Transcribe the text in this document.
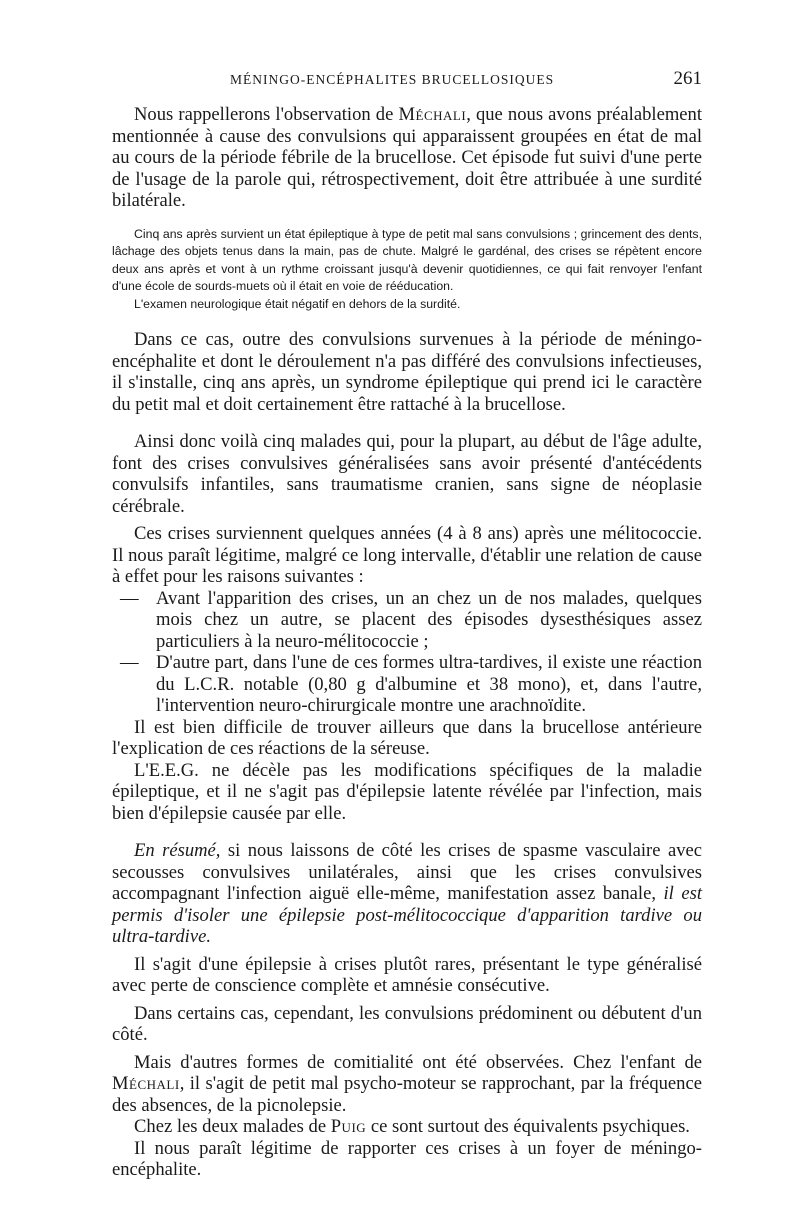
MÉNINGO-ENCÉPHALITES BRUCELLOSIQUES	261

Nous rappellerons l'observation de Méchali, que nous avons préalablement mentionnée à cause des convulsions qui apparaissent groupées en état de mal au cours de la période fébrile de la brucellose. Cet épisode fut suivi d'une perte de l'usage de la parole qui, rétrospectivement, doit être attribuée à une surdité bilatérale.

Cinq ans après survient un état épileptique à type de petit mal sans convulsions ; grincement des dents, lâchage des objets tenus dans la main, pas de chute. Malgré le gardénal, des crises se répètent encore deux ans après et vont à un rythme croissant jusqu'à devenir quotidiennes, ce qui fait renvoyer l'enfant d'une école de sourds-muets où il était en voie de rééducation.

L'examen neurologique était négatif en dehors de la surdité.

Dans ce cas, outre des convulsions survenues à la période de méningo-encéphalite et dont le déroulement n'a pas différé des convulsions infectieuses, il s'installe, cinq ans après, un syndrome épileptique qui prend ici le caractère du petit mal et doit certainement être rattaché à la brucellose.

Ainsi donc voilà cinq malades qui, pour la plupart, au début de l'âge adulte, font des crises convulsives généralisées sans avoir présenté d'antécédents convulsifs infantiles, sans traumatisme cranien, sans signe de néoplasie cérébrale.

Ces crises surviennent quelques années (4 à 8 ans) après une mélitococcie. Il nous paraît légitime, malgré ce long intervalle, d'établir une relation de cause à effet pour les raisons suivantes :

— Avant l'apparition des crises, un an chez un de nos malades, quelques mois chez un autre, se placent des épisodes dysesthésiques assez particuliers à la neuro-mélitococcie ;
— D'autre part, dans l'une de ces formes ultra-tardives, il existe une réaction du L.C.R. notable (0,80 g d'albumine et 38 mono), et, dans l'autre, l'intervention neuro-chirurgicale montre une arachnoïdite.

Il est bien difficile de trouver ailleurs que dans la brucellose antérieure l'explication de ces réactions de la séreuse.

L'E.E.G. ne décèle pas les modifications spécifiques de la maladie épileptique, et il ne s'agit pas d'épilepsie latente révélée par l'infection, mais bien d'épilepsie causée par elle.

En résumé, si nous laissons de côté les crises de spasme vasculaire avec secousses convulsives unilatérales, ainsi que les crises convulsives accompagnant l'infection aiguë elle-même, manifestation assez banale, il est permis d'isoler une épilepsie post-mélitococcique d'apparition tardive ou ultra-tardive.

Il s'agit d'une épilepsie à crises plutôt rares, présentant le type généralisé avec perte de conscience complète et amnésie consécutive.

Dans certains cas, cependant, les convulsions prédominent ou débutent d'un côté.

Mais d'autres formes de comitialité ont été observées. Chez l'enfant de Méchali, il s'agit de petit mal psycho-moteur se rapprochant, par la fréquence des absences, de la picnolepsie.

Chez les deux malades de Puig ce sont surtout des équivalents psychiques.

Il nous paraît légitime de rapporter ces crises à un foyer de méningo-encéphalite.
